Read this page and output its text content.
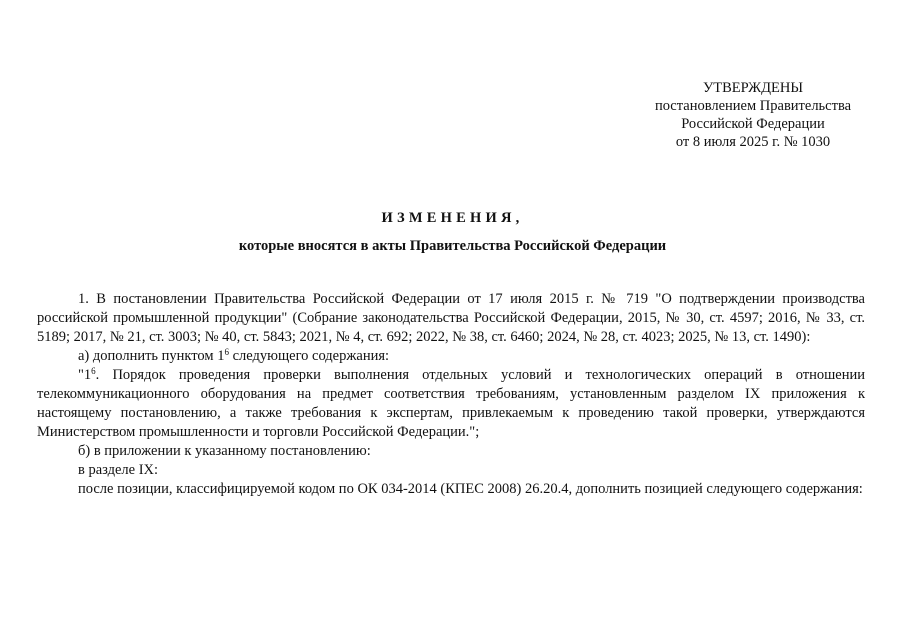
УТВЕРЖДЕНЫ
постановлением Правительства
Российской Федерации
от 8 июля 2025 г. № 1030
ИЗМЕНЕНИЯ,
которые вносятся в акты Правительства Российской Федерации

1. В постановлении Правительства Российской Федерации от 17 июля 2015 г. № 719 "О подтверждении производства российской промышленной продукции" (Собрание законодательства Российской Федерации, 2015, № 30, ст. 4597; 2016, № 33, ст. 5189; 2017, № 21, ст. 3003; № 40, ст. 5843; 2021, № 4, ст. 692; 2022, № 38, ст. 6460; 2024, № 28, ст. 4023; 2025, № 13, ст. 1490):

а) дополнить пунктом $1^6$ следующего содержания:

"$1^6$. Порядок проведения проверки выполнения отдельных условий и технологических операций в отношении телекоммуникационного оборудования на предмет соответствия требованиям, установленным разделом IX приложения к настоящему постановлению, а также требования к экспертам, привлекаемым к проведению такой проверки, утверждаются Министерством промышленности и торговли Российской Федерации.";

б) в приложении к указанному постановлению:

в разделе IX:

после позиции, классифицируемой кодом по ОК 034-2014 (КПЕС 2008) 26.20.4, дополнить позицией следующего содержания:
